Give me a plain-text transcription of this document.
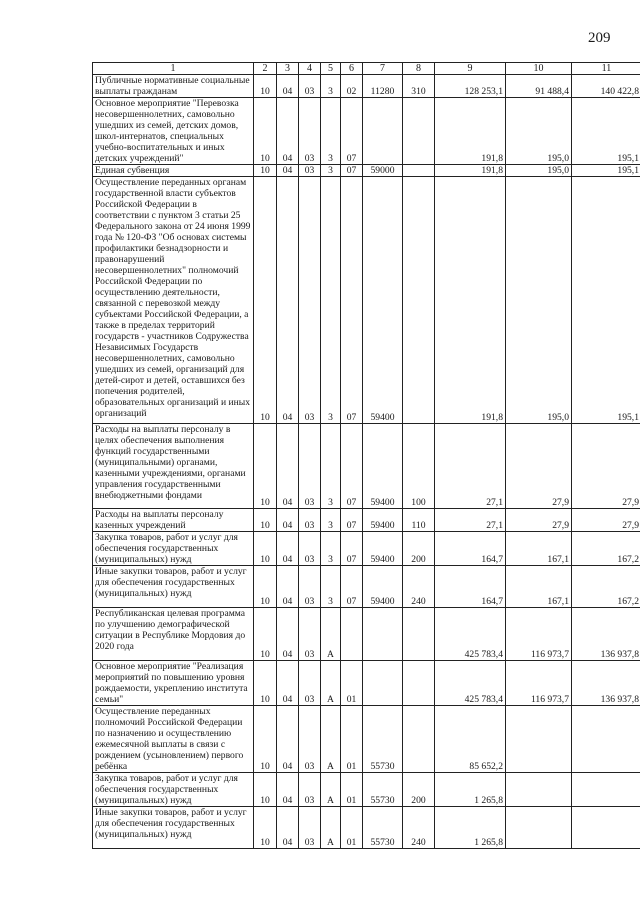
209
1	2	3	4	5	6	7	8	9	10	11

Публичные нормативные социальные выплаты гражданам	10	04	03	3	02	11280	310	128 253,1	91 488,4	140 422,8

Основное мероприятие "Перевозка несовершеннолетних, самовольно ушедших из семей, детских домов, школ-интернатов, специальных учебно-воспитательных и иных детских учреждений"	10	04	03	3	07			191,8	195,0	195,1

Единая субвенция	10	04	03	3	07	59000		191,8	195,0	195,1

Осуществление переданных органам государственной власти субъектов Российской Федерации в соответствии с пунктом 3 статьи 25 Федерального закона от 24 июня 1999 года № 120-ФЗ "Об основах системы профилактики безнадзорности и правонарушений несовершеннолетних" полномочий Российской Федерации по осуществлению деятельности, связанной с перевозкой между субъектами Российской Федерации, а также в пределах территорий государств - участников Содружества Независимых Государств несовершеннолетних, самовольно ушедших из семей, организаций для детей-сирот и детей, оставшихся без попечения родителей, образовательных организаций и иных организаций	10	04	03	3	07	59400		191,8	195,0	195,1

Расходы на выплаты персоналу в целях обеспечения выполнения функций государственными (муниципальными) органами, казенными учреждениями, органами управления государственными внебюджетными фондами	10	04	03	3	07	59400	100	27,1	27,9	27,9

Расходы на выплаты персоналу казенных учреждений	10	04	03	3	07	59400	110	27,1	27,9	27,9

Закупка товаров, работ и услуг для обеспечения государственных (муниципальных) нужд	10	04	03	3	07	59400	200	164,7	167,1	167,2

Иные закупки товаров, работ и услуг для обеспечения государственных (муниципальных) нужд	10	04	03	3	07	59400	240	164,7	167,1	167,2

Республиканская целевая программа по улучшению демографической ситуации в Республике Мордовия до 2020 года	10	04	03	А				425 783,4	116 973,7	136 937,8

Основное мероприятие "Реализация мероприятий по повышению уровня рождаемости, укреплению института семьи"	10	04	03	А	01			425 783,4	116 973,7	136 937,8

Осуществление переданных полномочий Российской Федерации по назначению и осуществлению ежемесячной выплаты в связи с рождением (усыновлением) первого ребёнка	10	04	03	А	01	55730		85 652,2		

Закупка товаров, работ и услуг для обеспечения государственных (муниципальных) нужд	10	04	03	А	01	55730	200	1 265,8		

Иные закупки товаров, работ и услуг для обеспечения государственных (муниципальных) нужд	10	04	03	А	01	55730	240	1 265,8		
